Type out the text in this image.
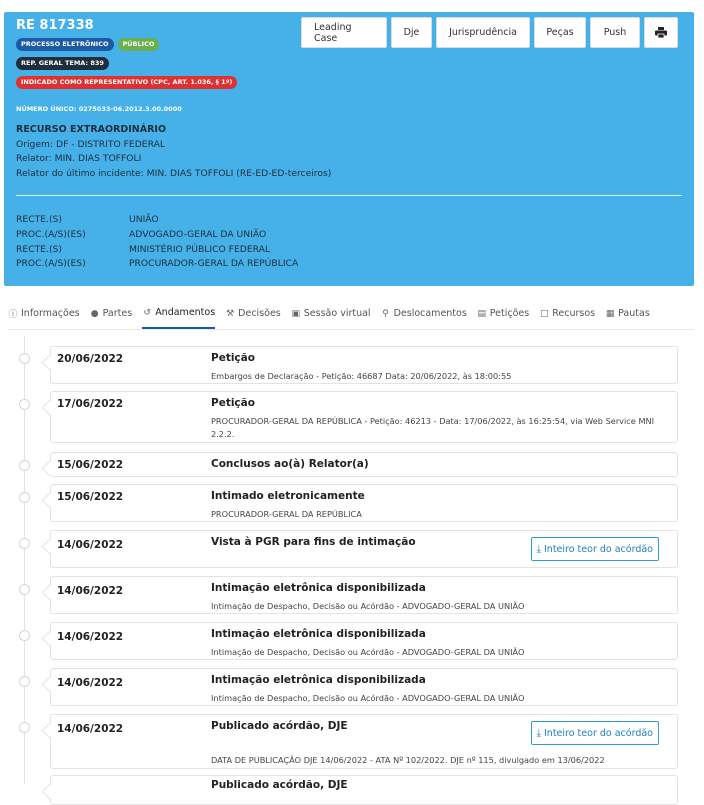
RE 817338
PROCESSO ELETRÔNICO	PÚBLICO
REP. GERAL TEMA: 839
INDICADO COMO REPRESENTATIVO (CPC, ART. 1.036, § 1º)
NÚMERO ÚNICO: 0275033-06.2012.3.00.0000
RECURSO EXTRAORDINÁRIO
Origem: DF - DISTRITO FEDERAL
Relator: MIN. DIAS TOFFOLI
Relator do último incidente: MIN. DIAS TOFFOLI (RE-ED-ED-terceiros)
RECTE.(S)	UNIÃO
PROC.(A/S)(ES)	ADVOGADO-GERAL DA UNIÃO
RECTE.(S)	MINISTÉRIO PÚBLICO FEDERAL
PROC.(A/S)(ES)	PROCURADOR-GERAL DA REPÚBLICA
Leading Case	Dje	Jurisprudência	Peças	Push
ⓘ Informações ● Partes ↺ Andamentos ⚒ Decisões ▣ Sessão virtual ⚲ Deslocamentos ▤ Petições □ Recursos ▦ Pautas
20/06/2022	Petição
Embargos de Declaração - Petição: 46687 Data: 20/06/2022, às 18:00:55
17/06/2022	Petição
PROCURADOR-GERAL DA REPÚBLICA - Petição: 46213 - Data: 17/06/2022, às 16:25:54, via Web Service MNI 2.2.2.
15/06/2022	Conclusos ao(à) Relator(a)
15/06/2022	Intimado eletronicamente
PROCURADOR-GERAL DA REPÚBLICA
14/06/2022	Vista à PGR para fins de intimação
⤓ Inteiro teor do acórdão
14/06/2022	Intimação eletrônica disponibilizada
Intimação de Despacho, Decisão ou Acórdão - ADVOGADO-GERAL DA UNIÃO
14/06/2022	Intimação eletrônica disponibilizada
Intimação de Despacho, Decisão ou Acórdão - ADVOGADO-GERAL DA UNIÃO
14/06/2022	Intimação eletrônica disponibilizada
Intimação de Despacho, Decisão ou Acórdão - ADVOGADO-GERAL DA UNIÃO
14/06/2022	Publicado acórdão, DJE
⤓ Inteiro teor do acórdão
DATA DE PUBLICAÇÃO DJE 14/06/2022 - ATA Nº 102/2022. DJE nº 115, divulgado em 13/06/2022
Publicado acórdão, DJE
